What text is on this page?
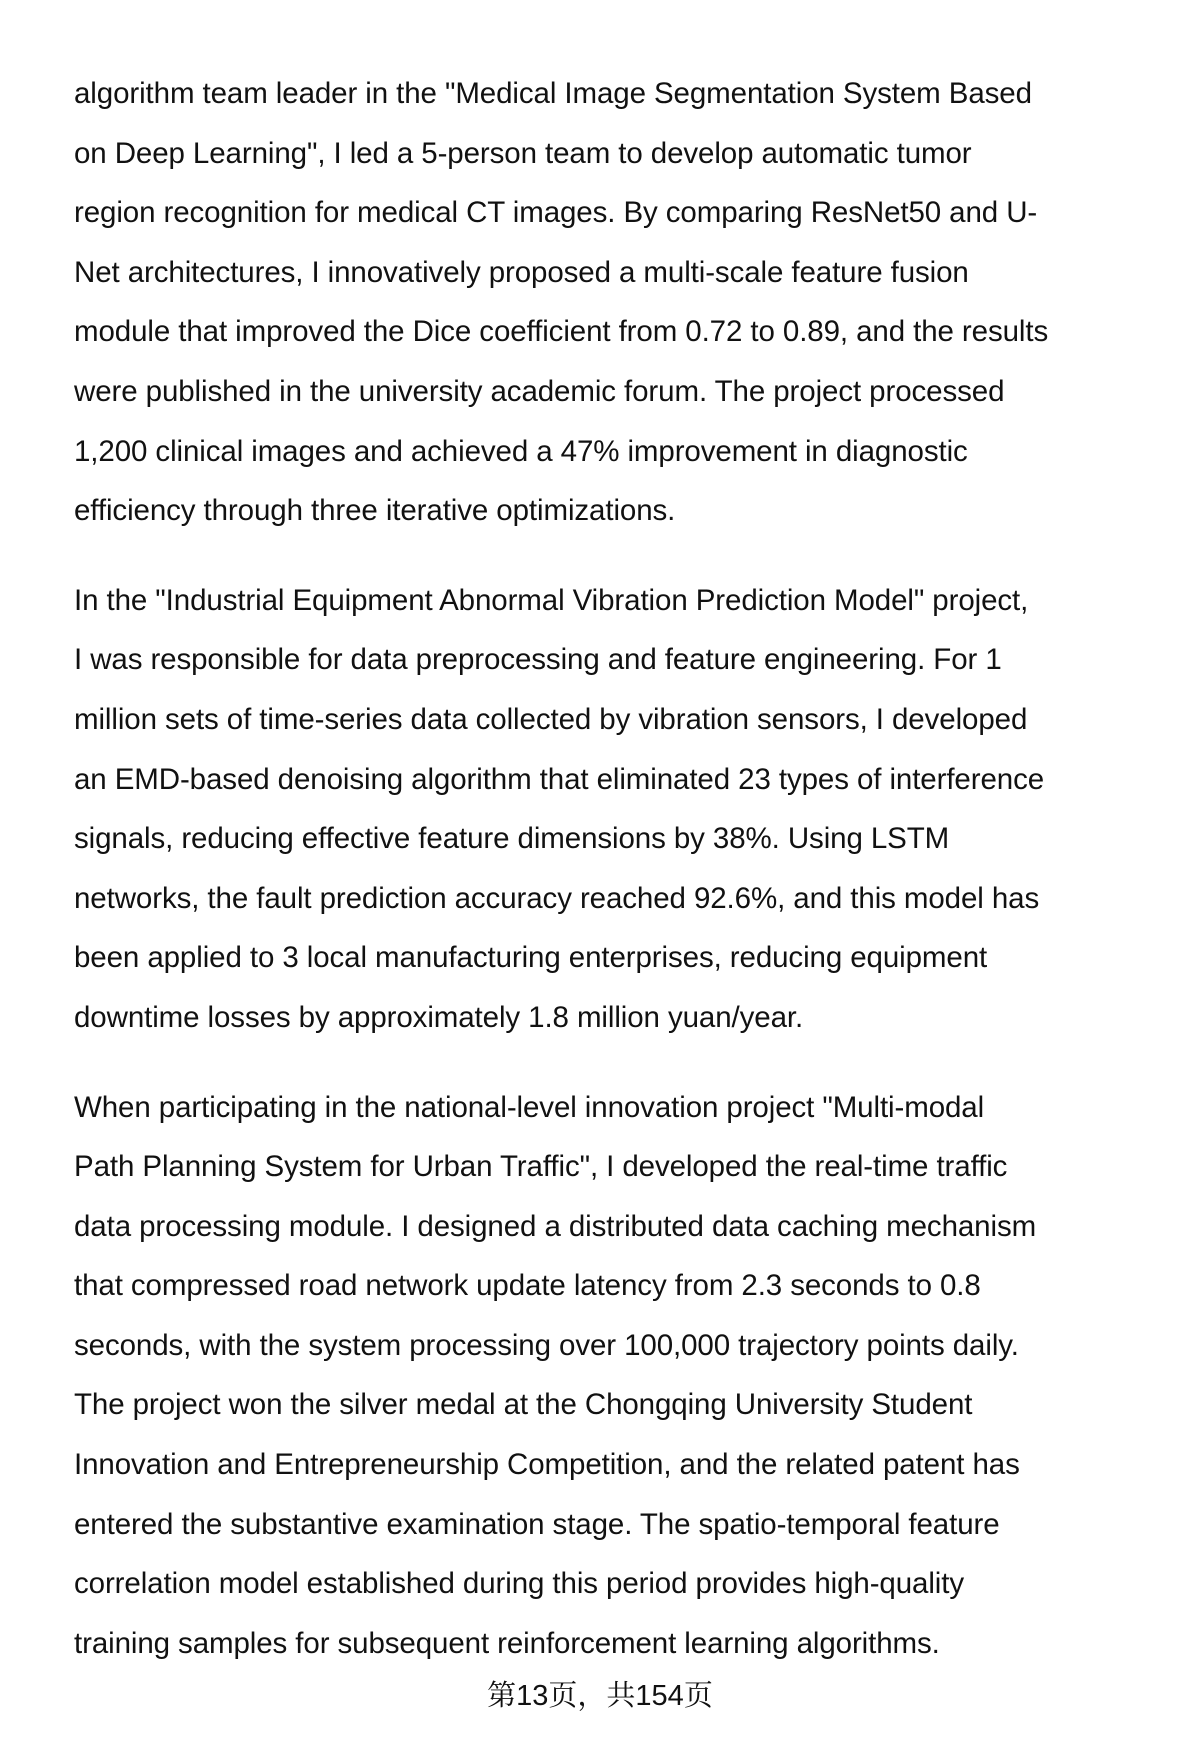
algorithm team leader in the "Medical Image Segmentation System Based
on Deep Learning", I led a 5-person team to develop automatic tumor
region recognition for medical CT images. By comparing ResNet50 and U-
Net architectures, I innovatively proposed a multi-scale feature fusion
module that improved the Dice coefficient from 0.72 to 0.89, and the results
were published in the university academic forum. The project processed
1,200 clinical images and achieved a 47% improvement in diagnostic
efficiency through three iterative optimizations.
In the "Industrial Equipment Abnormal Vibration Prediction Model" project,
I was responsible for data preprocessing and feature engineering. For 1
million sets of time-series data collected by vibration sensors, I developed
an EMD-based denoising algorithm that eliminated 23 types of interference
signals, reducing effective feature dimensions by 38%. Using LSTM
networks, the fault prediction accuracy reached 92.6%, and this model has
been applied to 3 local manufacturing enterprises, reducing equipment
downtime losses by approximately 1.8 million yuan/year.
When participating in the national-level innovation project "Multi-modal
Path Planning System for Urban Traffic", I developed the real-time traffic
data processing module. I designed a distributed data caching mechanism
that compressed road network update latency from 2.3 seconds to 0.8
seconds, with the system processing over 100,000 trajectory points daily.
The project won the silver medal at the Chongqing University Student
Innovation and Entrepreneurship Competition, and the related patent has
entered the substantive examination stage. The spatio-temporal feature
correlation model established during this period provides high-quality
training samples for subsequent reinforcement learning algorithms.
第13页，共154页
